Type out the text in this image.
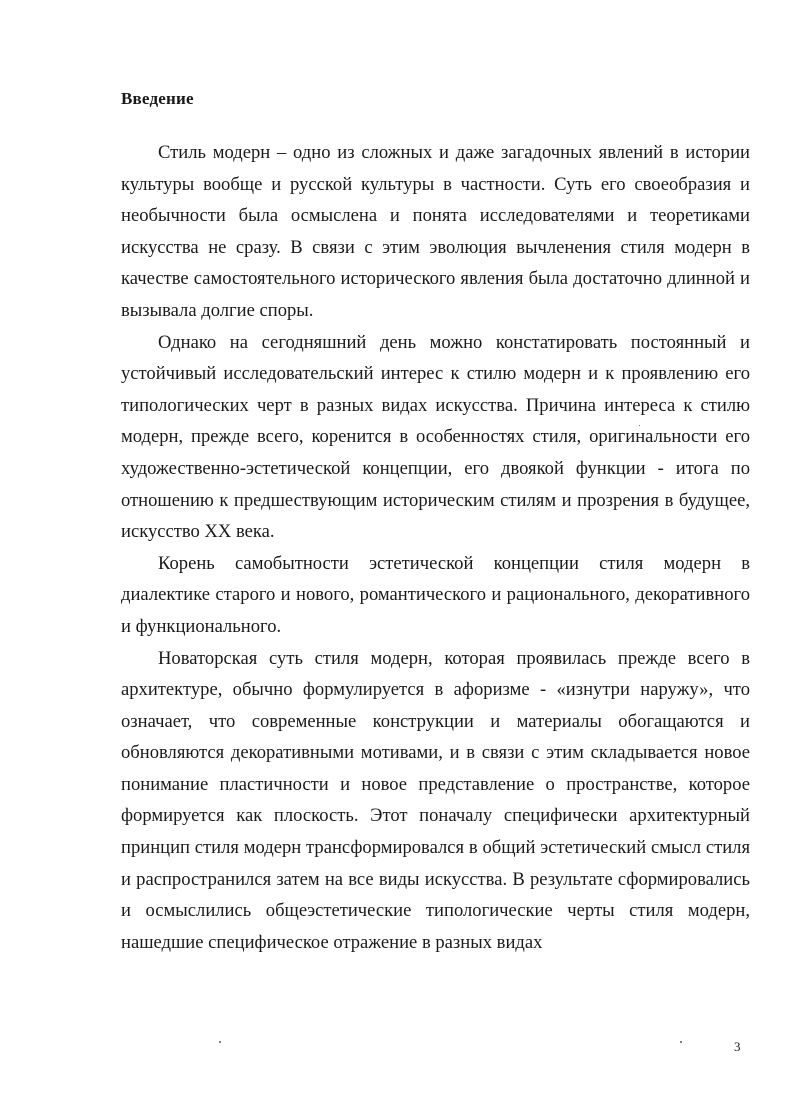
Введение

Стиль модерн – одно из сложных и даже загадочных явлений в истории культуры вообще и русской культуры в частности. Суть его своеобразия и необычности была осмыслена и понята исследователями и теоретиками искусства не сразу. В связи с этим эволюция вычленения стиля модерн в качестве самостоятельного исторического явления была достаточно длинной и вызывала долгие споры.

Однако на сегодняшний день можно констатировать постоянный и устойчивый исследовательский интерес к стилю модерн и к проявлению его типологических черт в разных видах искусства. Причина интереса к стилю модерн, прежде всего, коренится в особенностях стиля, оригинальности его художественно-эстетической концепции, его двоякой функции - итога по отношению к предшествующим историческим стилям и прозрения в будущее, искусство XX века.

Корень самобытности эстетической концепции стиля модерн в диалектике старого и нового, романтического и рационального, декоративного и функционального.

Новаторская суть стиля модерн, которая проявилась прежде всего в архитектуре, обычно формулируется в афоризме - «изнутри наружу», что означает, что современные конструкции и материалы обогащаются и обновляются декоративными мотивами, и в связи с этим складывается новое понимание пластичности и новое представление о пространстве, которое формируется как плоскость. Этот поначалу специфически архитектурный принцип стиля модерн трансформировался в общий эстетический смысл стиля и распространился затем на все виды искусства. В результате сформировались и осмыслились общеэстетические типологические черты стиля модерн, нашедшие специфическое отражение в разных видах

3
